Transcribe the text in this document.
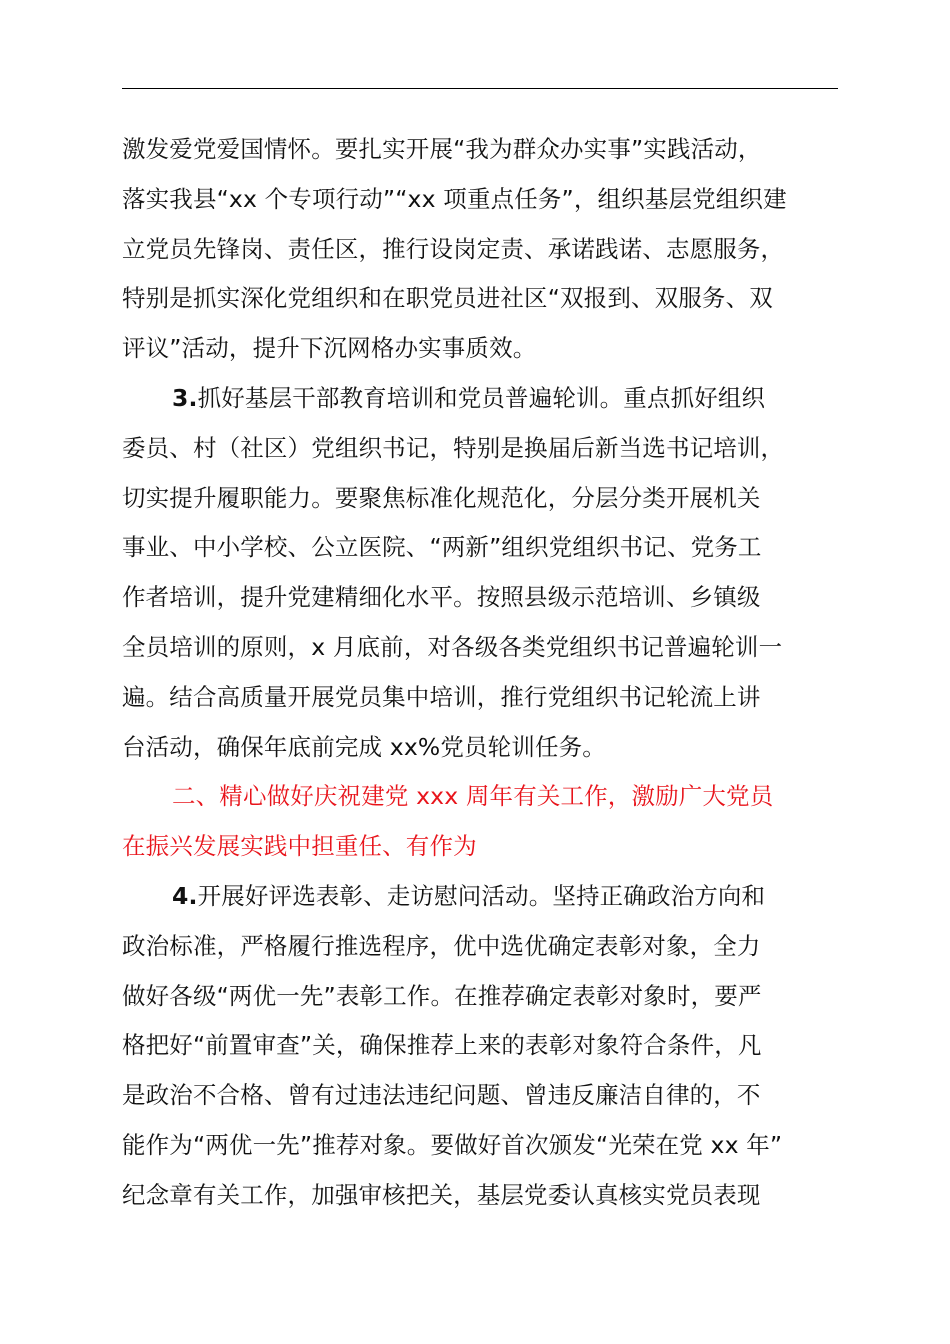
激发爱党爱国情怀。要扎实开展“我为群众办实事”实践活动，
落实我县“xx 个专项行动”“xx 项重点任务”，组织基层党组织建
立党员先锋岗、责任区，推行设岗定责、承诺践诺、志愿服务，
特别是抓实深化党组织和在职党员进社区“双报到、双服务、双
评议”活动，提升下沉网格办实事质效。
3.抓好基层干部教育培训和党员普遍轮训。重点抓好组织
委员、村（社区）党组织书记，特别是换届后新当选书记培训，
切实提升履职能力。要聚焦标准化规范化，分层分类开展机关
事业、中小学校、公立医院、“两新”组织党组织书记、党务工
作者培训，提升党建精细化水平。按照县级示范培训、乡镇级
全员培训的原则，x 月底前，对各级各类党组织书记普遍轮训一
遍。结合高质量开展党员集中培训，推行党组织书记轮流上讲
台活动，确保年底前完成 xx%党员轮训任务。
二、精心做好庆祝建党 xxx 周年有关工作，激励广大党员
在振兴发展实践中担重任、有作为
4.开展好评选表彰、走访慰问活动。坚持正确政治方向和
政治标准，严格履行推选程序，优中选优确定表彰对象，全力
做好各级“两优一先”表彰工作。在推荐确定表彰对象时，要严
格把好“前置审查”关，确保推荐上来的表彰对象符合条件，凡
是政治不合格、曾有过违法违纪问题、曾违反廉洁自律的，不
能作为“两优一先”推荐对象。要做好首次颁发“光荣在党 xx 年”
纪念章有关工作，加强审核把关，基层党委认真核实党员表现
